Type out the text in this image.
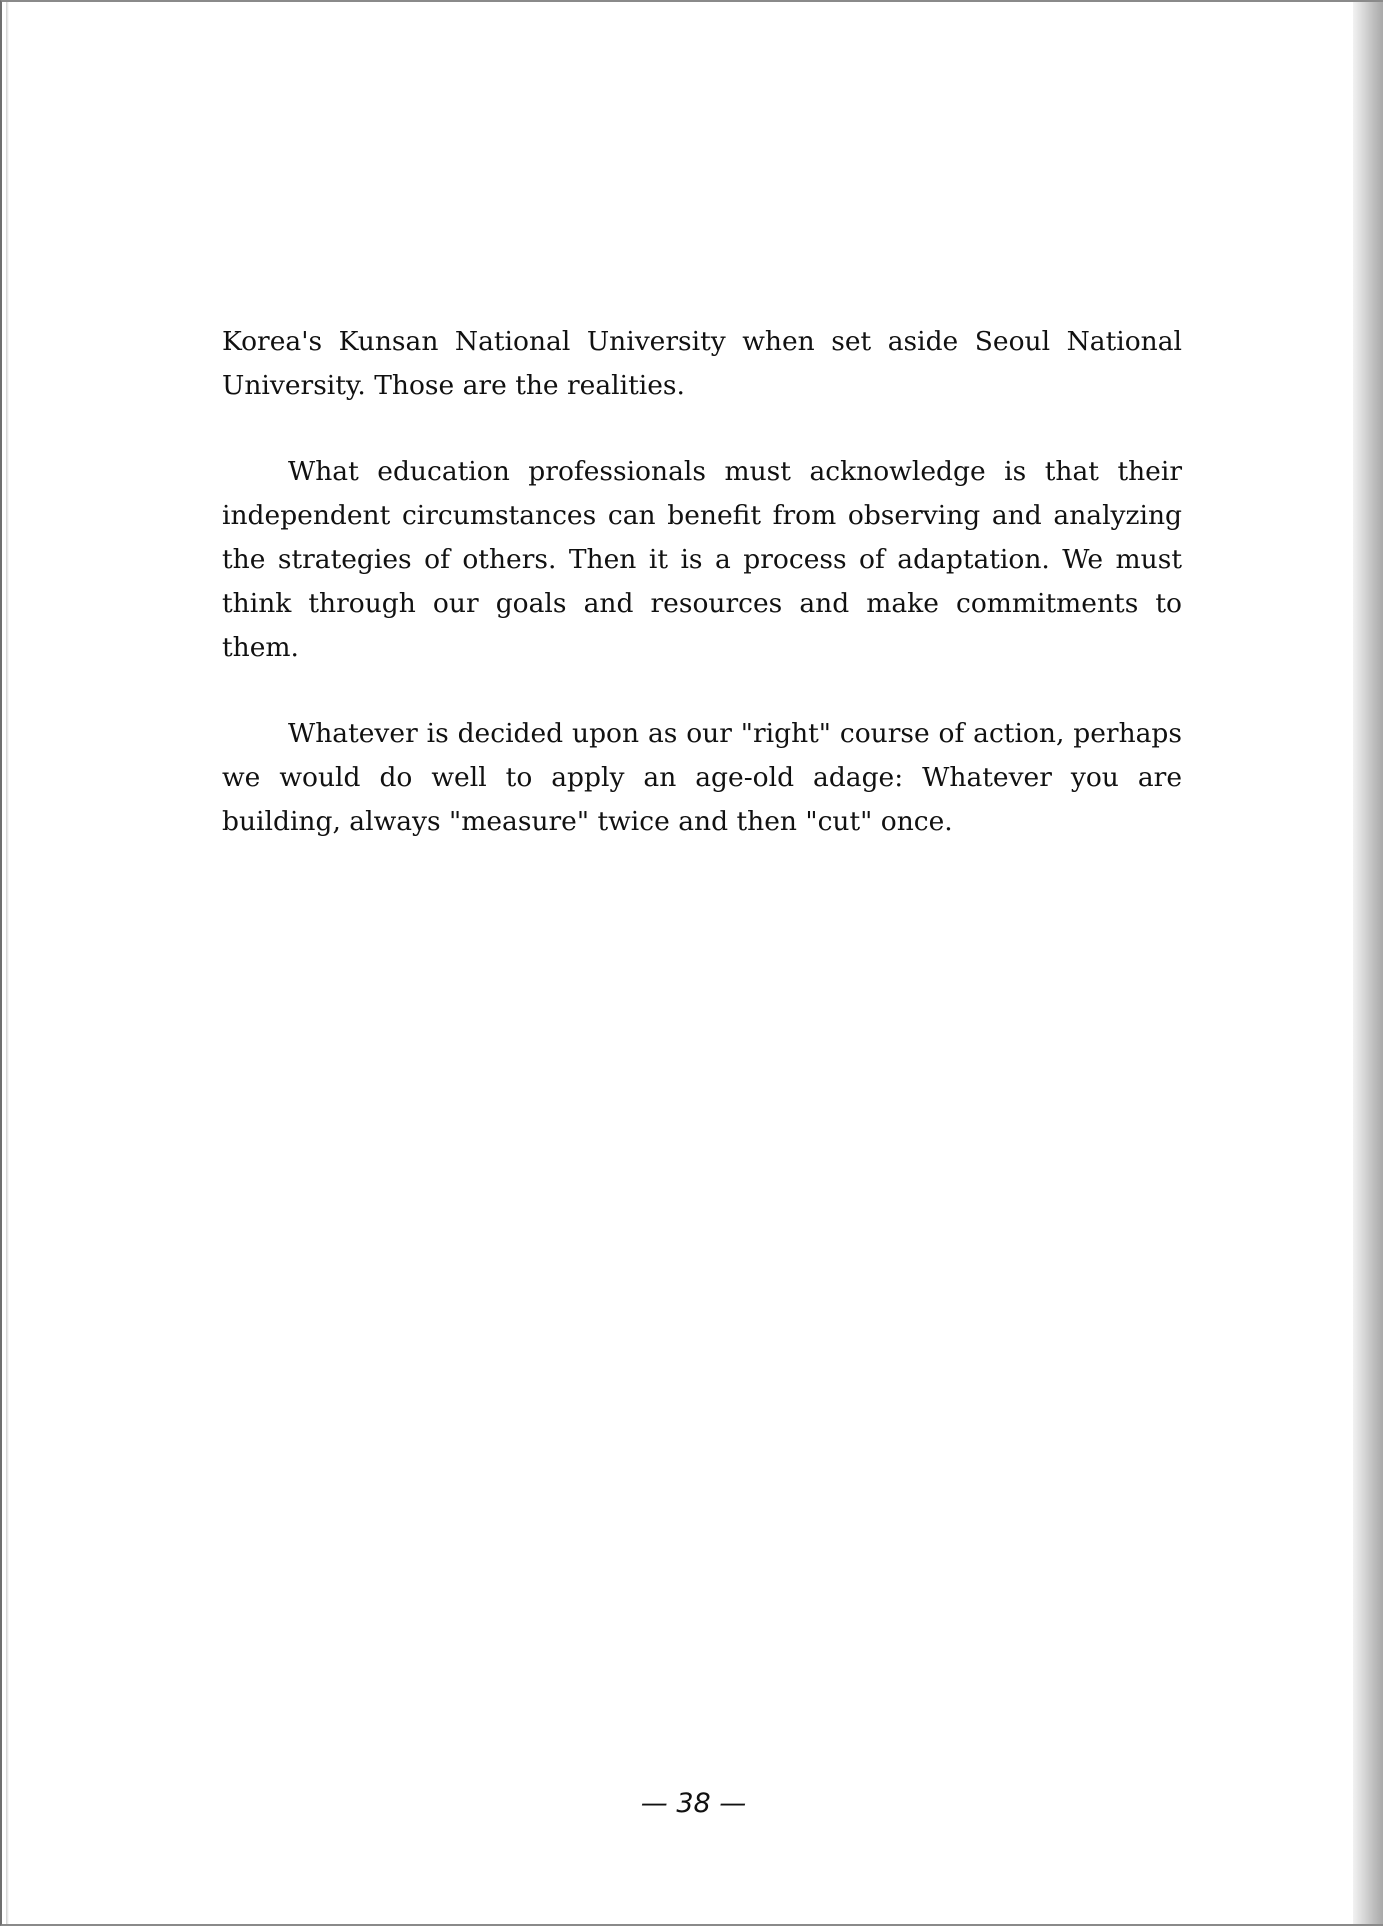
Korea's Kunsan National University when set aside Seoul National University. Those are the realities.

What education professionals must acknowledge is that their independent circumstances can benefit from observing and analyzing the strategies of others. Then it is a process of adaptation. We must think through our goals and resources and make commitments to them.

Whatever is decided upon as our "right" course of action, perhaps we would do well to apply an age-old adage: Whatever you are building, always "measure" twice and then "cut" once.

— 38 —
